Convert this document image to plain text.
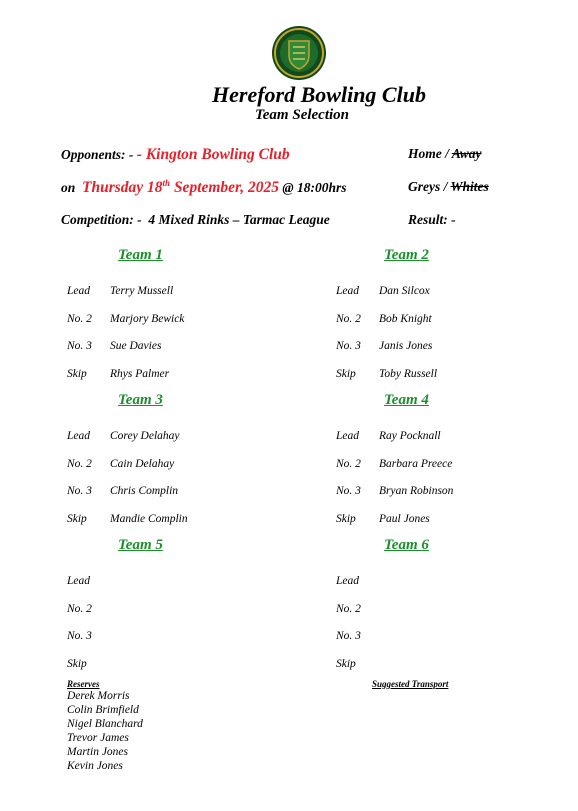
Hereford Bowling Club
Team Selection
Opponents: - - Kington Bowling Club	Home / Away
on Thursday 18th September, 2025 @ 18:00hrs	Greys / Whites
Competition: - 4 Mixed Rinks – Tarmac League	Result: -
Team 1
Lead Terry Mussell
No. 2 Marjory Bewick
No. 3 Sue Davies
Skip Rhys Palmer
Team 2
Lead Dan Silcox
No. 2 Bob Knight
No. 3 Janis Jones
Skip Toby Russell
Team 3
Lead Corey Delahay
No. 2 Cain Delahay
No. 3 Chris Complin
Skip Mandie Complin
Team 4
Lead Ray Pocknall
No. 2 Barbara Preece
No. 3 Bryan Robinson
Skip Paul Jones
Team 5
Lead
No. 2
No. 3
Skip
Team 6
Lead
No. 2
No. 3
Skip
Reserves	Suggested Transport
Derek Morris
Colin Brimfield
Nigel Blanchard
Trevor James
Martin Jones
Kevin Jones
